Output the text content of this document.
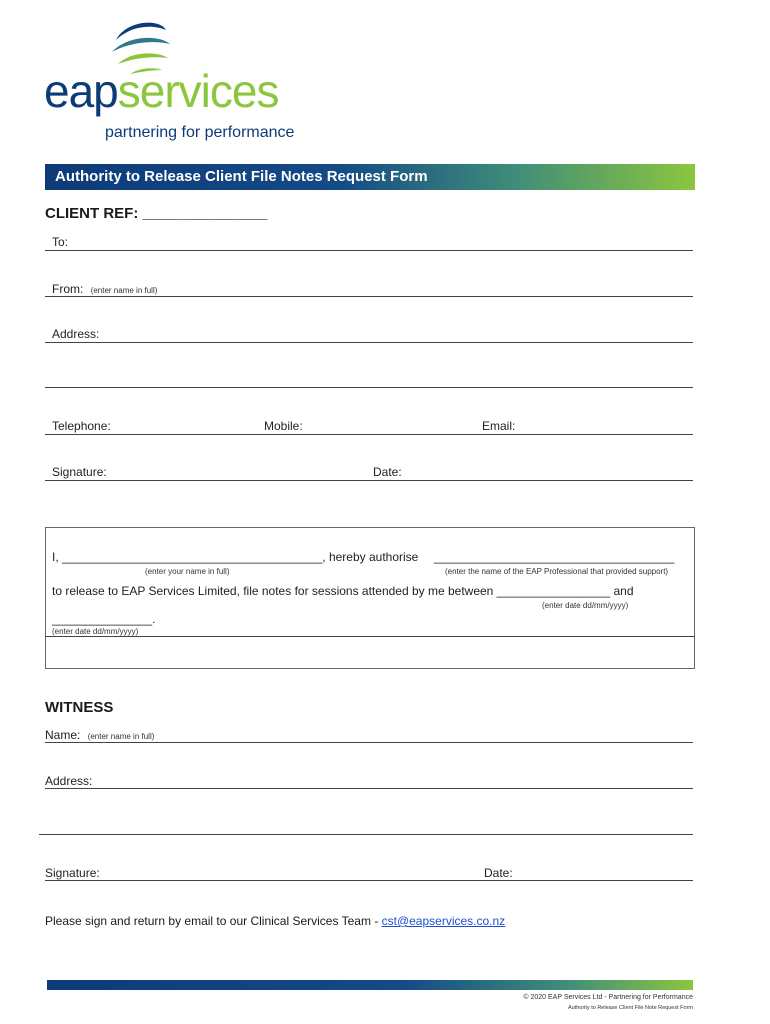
eapservices
partnering for performance
Authority to Release Client File Notes Request Form
CLIENT REF: _______________
To:
From: (enter name in full)
Address:
Telephone:	Mobile:	Email:
Signature:	Date:
I, _______________________________________, hereby authorise ____________________________________
(enter your name in full)	(enter the name of the EAP Professional that provided support)
to release to EAP Services Limited, file notes for sessions attended by me between _________________ and
(enter date dd/mm/yyyy)
_______________.
(enter date dd/mm/yyyy)
WITNESS
Name: (enter name in full)
Address:
Signature:	Date:
Please sign and return by email to our Clinical Services Team - cst@eapservices.co.nz
© 2020 EAP Services Ltd - Partnering for Performance
Authority to Release Client File Note Request Form
